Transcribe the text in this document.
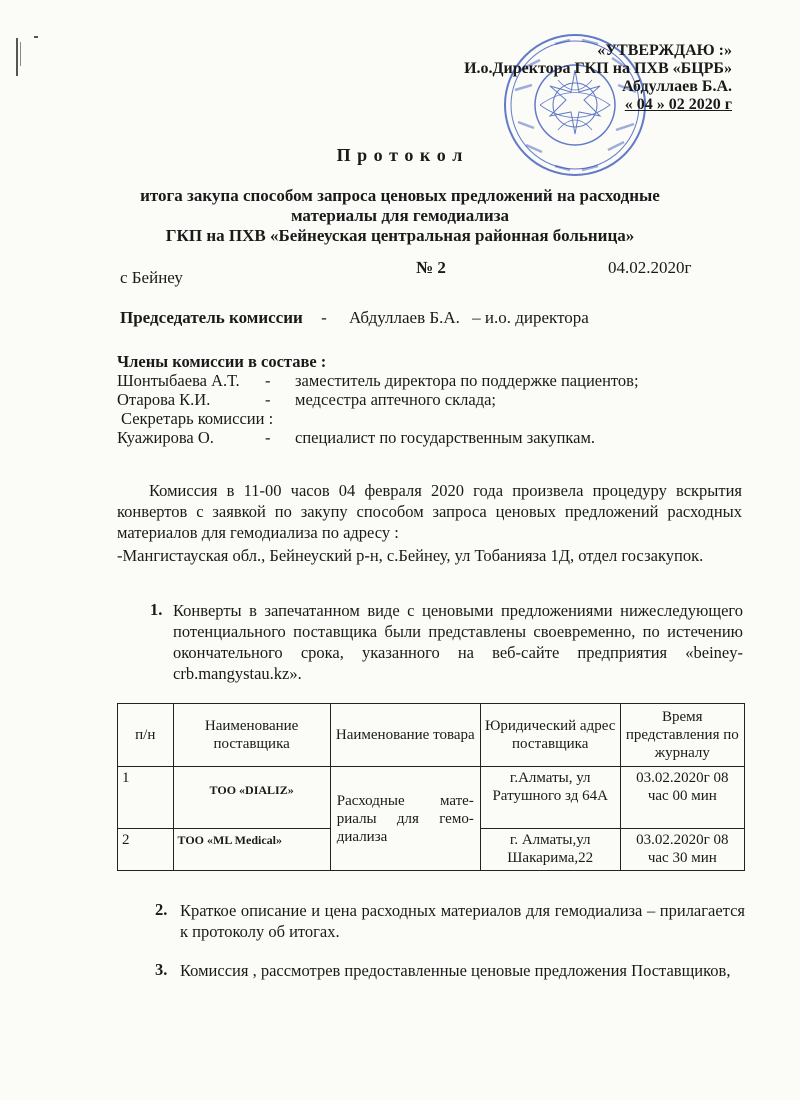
«УТВЕРЖДАЮ :»
И.о.Директора ГКП на ПХВ «БЦРБ»
Абдуллаев Б.А.
« 04 » 02 2020 г
П р о т о к о л
итога закупа способом запроса ценовых предложений на расходные
материалы для гемодиализа
ГКП на ПХВ «Бейнеуская центральная районная больница»
с Бейнеу
№ 2	04.02.2020г
Председатель комиссии - Абдуллаев Б.А. – и.о. директора
Члены комиссии в составе :
Шонтыбаева А.Т.	-	заместитель директора по поддержке пациентов;
Отарова К.И.	-	медсестра аптечного склада;
Секретарь комиссии :
Куажирова О.	-	специалист по государственным закупкам.
Комиссия в 11-00 часов 04 февраля 2020 года произвела процедуру вскрытия конвертов с заявкой по закупу способом запроса ценовых предложений расходных материалов для гемодиализа по адресу :
-Мангистауская обл., Бейнеуский р-н, с.Бейнеу, ул Тобанияза 1Д, отдел госзакупок.
1. Конверты в запечатанном виде с ценовыми предложениями нижеследующего потенциального поставщика были представлены своевременно, по истечению окончательного срока, указанного на веб-сайте предприятия «beiney-crb.mangystau.kz».
п/н	Наименование поставщика	Наименование товара	Юридический адрес поставщика	Время представления по журналу
1	ТОО «DIALIZ»	Расходные мате-риалы для гемо-диализа	г.Алматы, ул Ратушного зд 64А	03.02.2020г 08 час 00 мин
2	ТОО «ML Medical»		г. Алматы,ул Шакарима,22	03.02.2020г 08 час 30 мин
2. Краткое описание и цена расходных материалов для гемодиализа – прилагается к протоколу об итогах.
3. Комиссия , рассмотрев предоставленные ценовые предложения Поставщиков,
